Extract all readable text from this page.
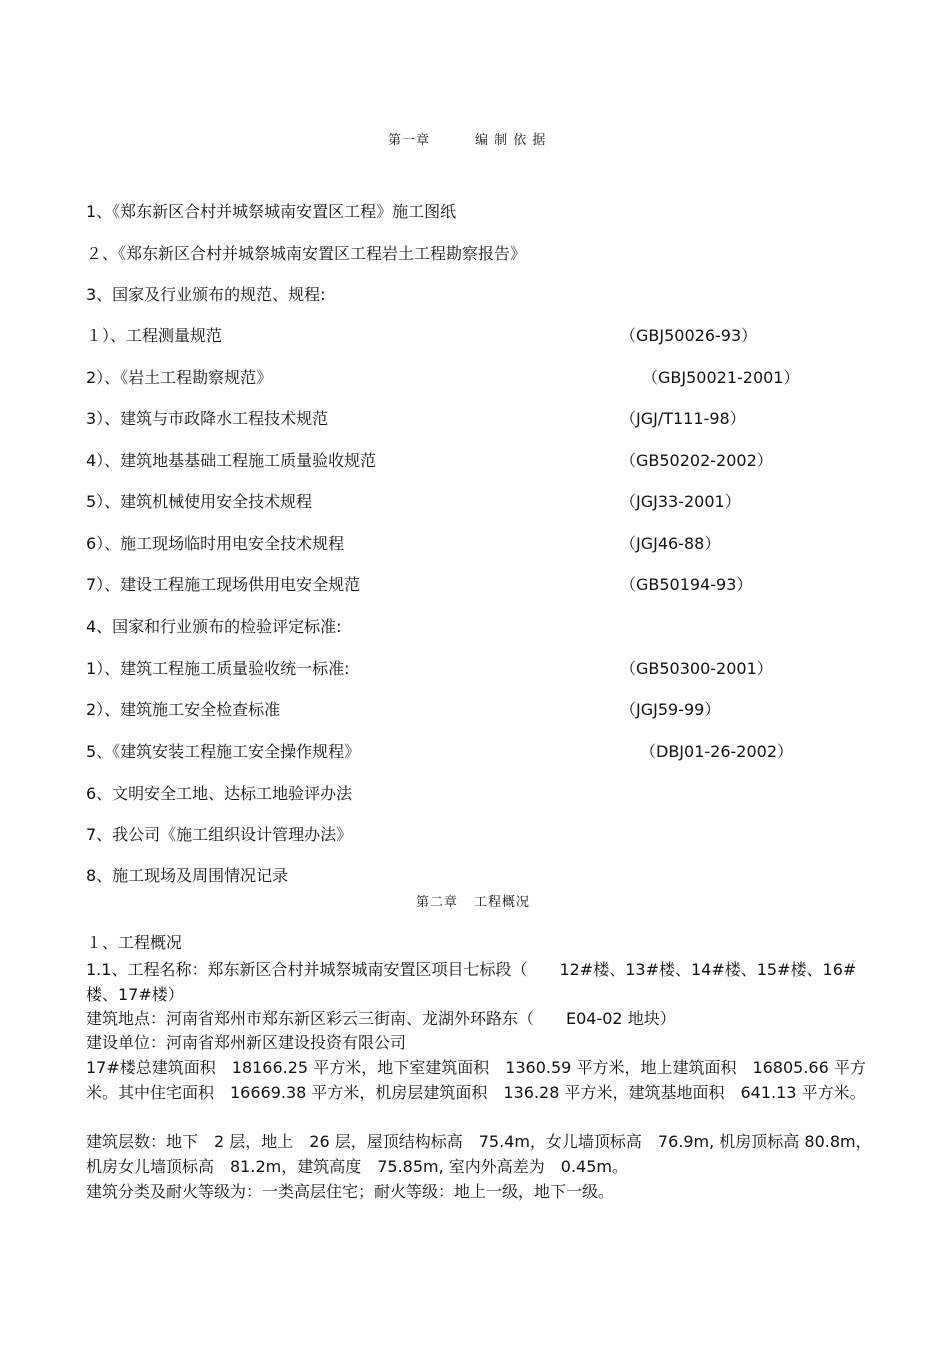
第一章	编 制 依 据
1、《郑东新区合村并城祭城南安置区工程》施工图纸
２、《郑东新区合村并城祭城南安置区工程岩土工程勘察报告》
3、国家及行业颁布的规范、规程:
１）、工程测量规范	（GBJ50026-93）
2）、《岩土工程勘察规范》	（GBJ50021-2001）
3）、建筑与市政降水工程技术规范	（JGJ/T111-98）
4）、建筑地基基础工程施工质量验收规范	（GB50202-2002）
5）、建筑机械使用安全技术规程	（JGJ33-2001）
6）、施工现场临时用电安全技术规程	（JGJ46-88）
7）、建设工程施工现场供用电安全规范	（GB50194-93）
4、国家和行业颁布的检验评定标准:
1）、建筑工程施工质量验收统一标准:	（GB50300-2001）
2）、建筑施工安全检查标准	（JGJ59-99）
5、《建筑安装工程施工安全操作规程》	（DBJ01-26-2002）
6、文明安全工地、达标工地验评办法
7、我公司《施工组织设计管理办法》
8、施工现场及周围情况记录
第二章 工程概况
１、工程概况
1.1、工程名称：郑东新区合村并城祭城南安置区项目七标段（　　12#楼、13#楼、14#楼、15#楼、16#楼、17#楼）
建筑地点：河南省郑州市郑东新区彩云三街南、龙湖外环路东（　　E04-02 地块）
建设单位：河南省郑州新区建设投资有限公司
17#楼总建筑面积　18166.25 平方米，地下室建筑面积　1360.59 平方米，地上建筑面积　16805.66 平方米。其中住宅面积　16669.38 平方米，机房层建筑面积　136.28 平方米，建筑基地面积　641.13 平方米。
建筑层数：地下　2 层，地上　26 层，屋顶结构标高　75.4m，女儿墙顶标高　76.9m, 机房顶标高 80.8m，机房女儿墙顶标高　81.2m，建筑高度　75.85m, 室内外高差为　0.45m。
建筑分类及耐火等级为：一类高层住宅；耐火等级：地上一级，地下一级。
